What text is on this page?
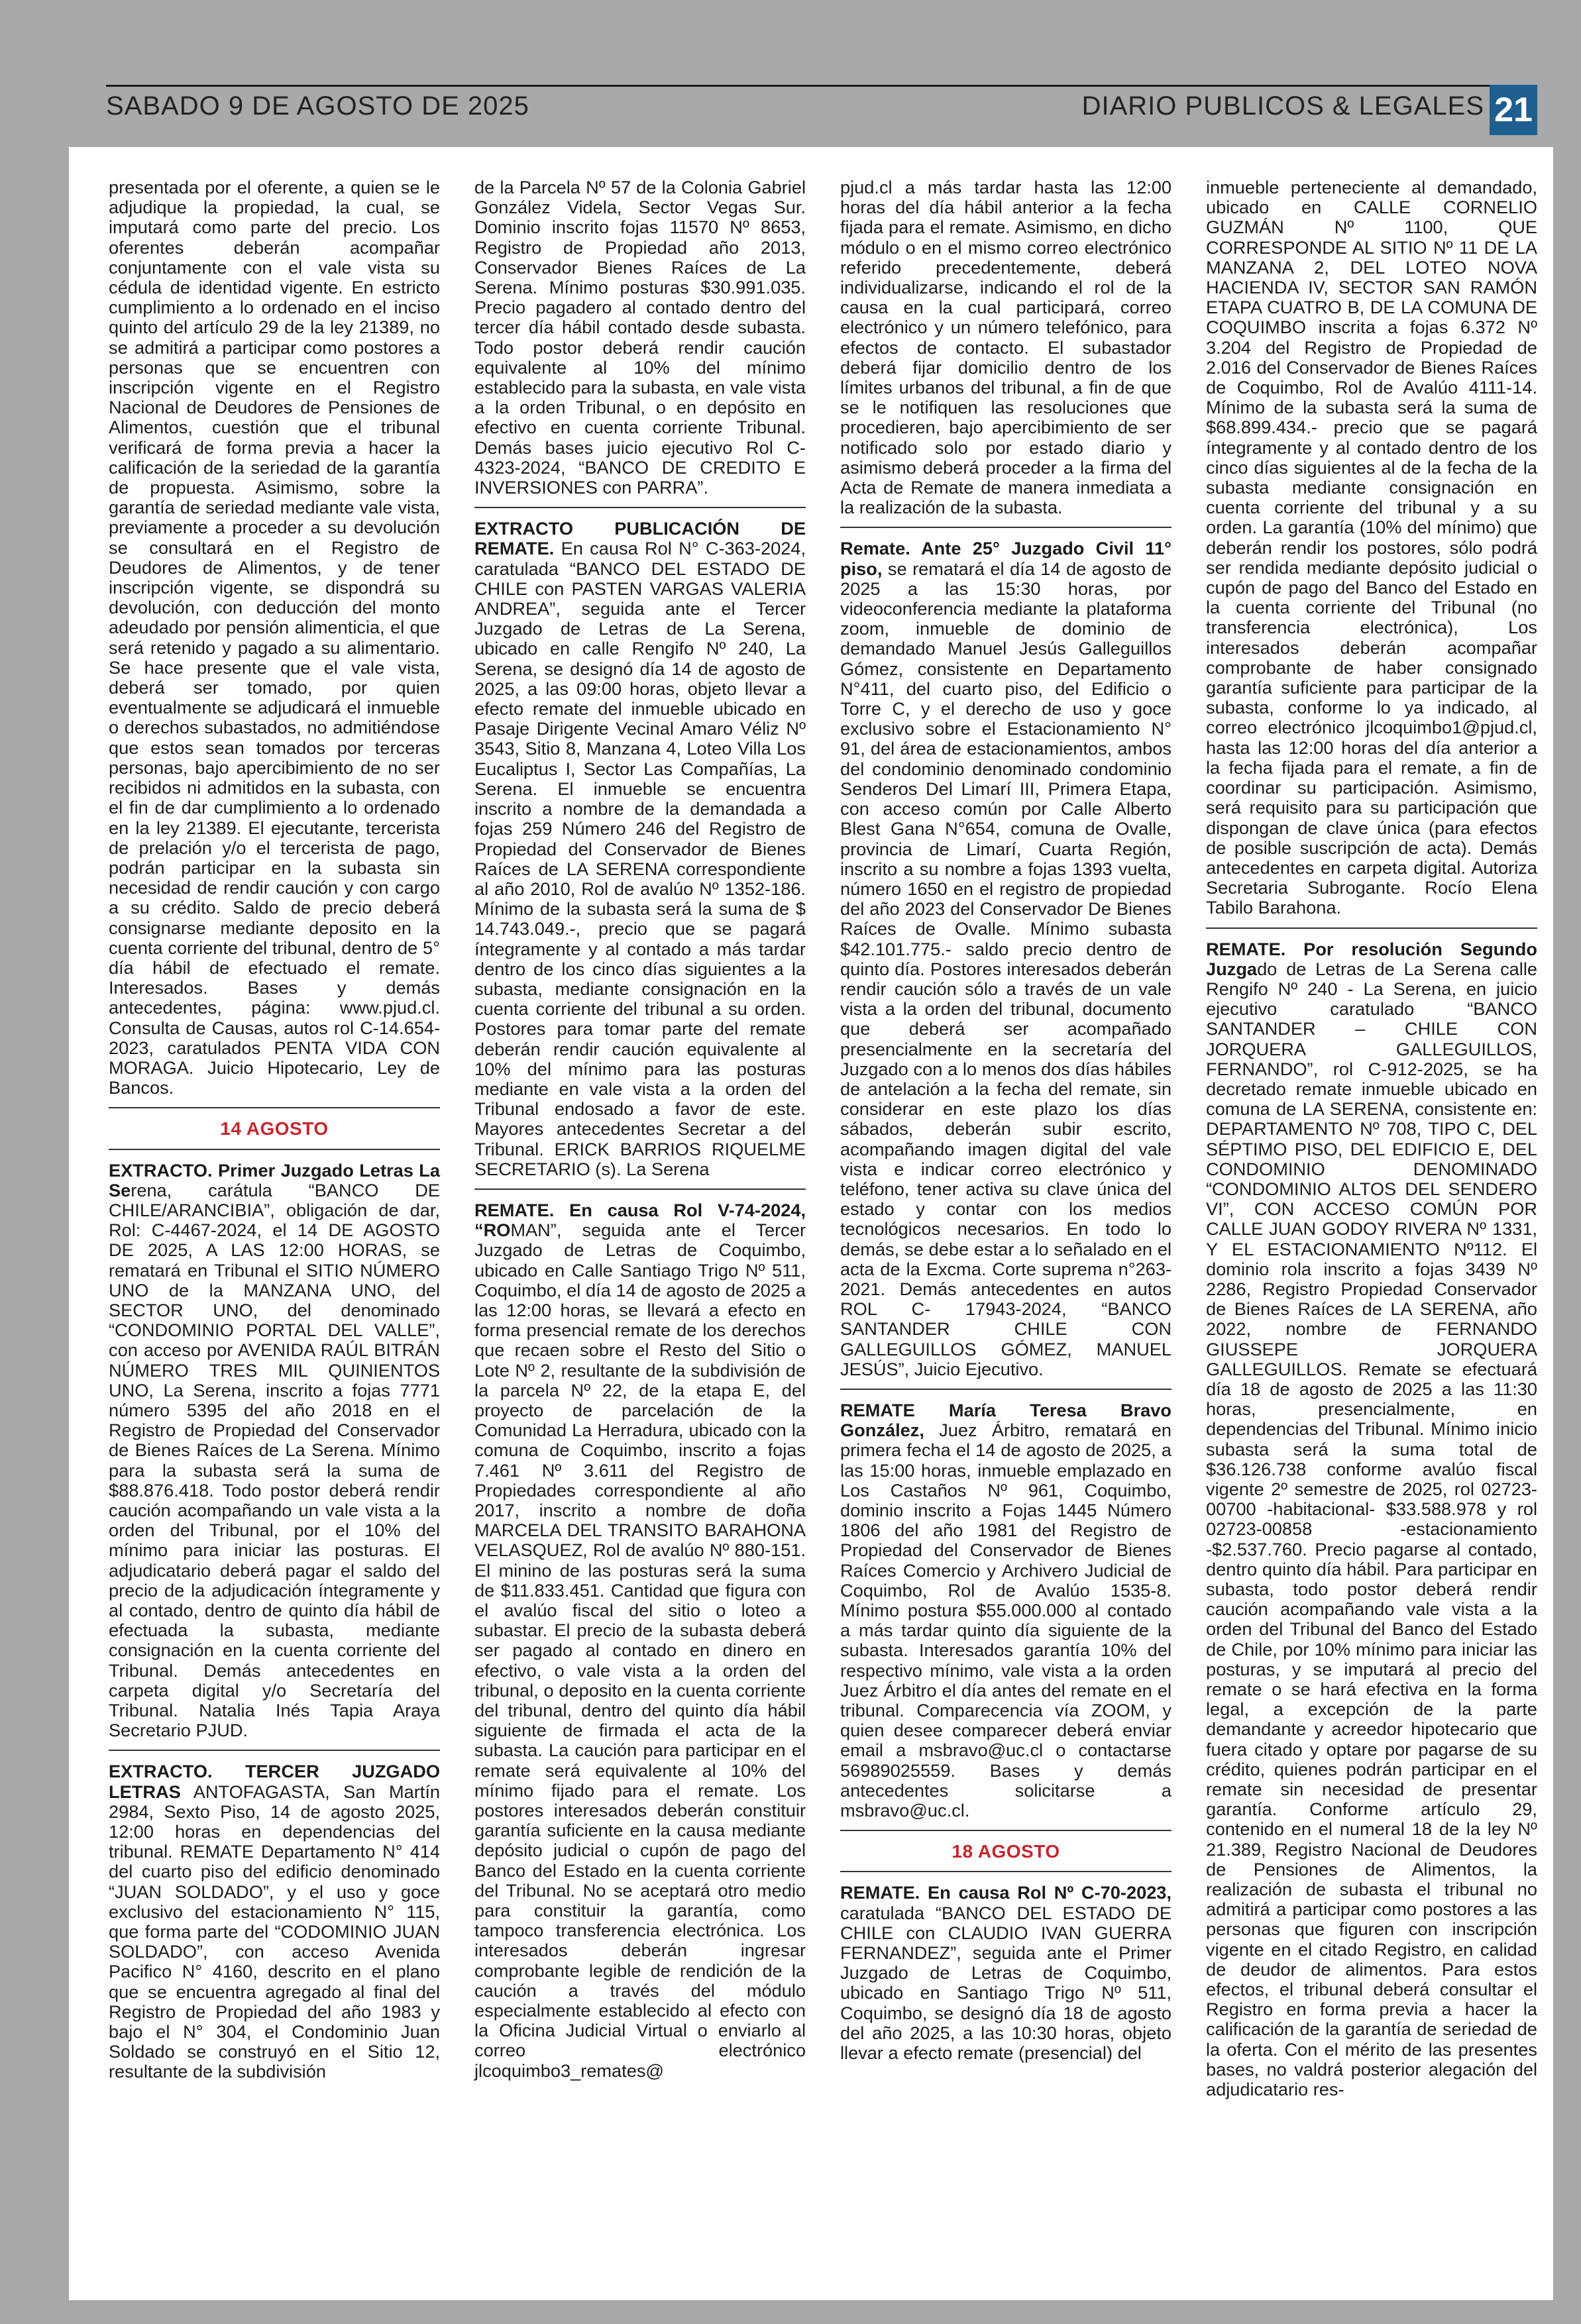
SABADO 9 DE AGOSTO DE 2025	DIARIO PUBLICOS & LEGALES 21

presentada por el oferente, a quien se le adjudique la propiedad, la cual, se imputará como parte del precio. Los oferentes deberán acompañar conjuntamente con el vale vista su cédula de identidad vigente. En estricto cumplimiento a lo ordenado en el inciso quinto del artículo 29 de la ley 21389, no se admitirá a participar como postores a personas que se encuentren con inscripción vigente en el Registro Nacional de Deudores de Pensiones de Alimentos, cuestión que el tribunal verificará de forma previa a hacer la calificación de la seriedad de la garantía de propuesta. Asimismo, sobre la garantía de seriedad mediante vale vista, previamente a proceder a su devolución se consultará en el Registro de Deudores de Alimentos, y de tener inscripción vigente, se dispondrá su devolución, con deducción del monto adeudado por pensión alimenticia, el que será retenido y pagado a su alimentario. Se hace presente que el vale vista, deberá ser tomado, por quien eventualmente se adjudicará el inmueble o derechos subastados, no admitiéndose que estos sean tomados por terceras personas, bajo apercibimiento de no ser recibidos ni admitidos en la subasta, con el fin de dar cumplimiento a lo ordenado en la ley 21389. El ejecutante, tercerista de prelación y/o el tercerista de pago, podrán participar en la subasta sin necesidad de rendir caución y con cargo a su crédito. Saldo de precio deberá consignarse mediante deposito en la cuenta corriente del tribunal, dentro de 5° día hábil de efectuado el remate. Interesados. Bases y demás antecedentes, página: www.pjud.cl. Consulta de Causas, autos rol C-14.654-2023, caratulados PENTA VIDA CON MORAGA. Juicio Hipotecario, Ley de Bancos.

14 AGOSTO

EXTRACTO. Primer Juzgado Letras La Serena, carátula “BANCO DE CHILE/ARANCIBIA”, obligación de dar, Rol: C-4467-2024, el 14 DE AGOSTO DE 2025, A LAS 12:00 HORAS, se rematará en Tribunal el SITIO NÚMERO UNO de la MANZANA UNO, del SECTOR UNO, del denominado “CONDOMINIO PORTAL DEL VALLE”, con acceso por AVENIDA RAÚL BITRÁN NÚMERO TRES MIL QUINIENTOS UNO, La Serena, inscrito a fojas 7771 número 5395 del año 2018 en el Registro de Propiedad del Conservador de Bienes Raíces de La Serena. Mínimo para la subasta será la suma de $88.876.418. Todo postor deberá rendir caución acompañando un vale vista a la orden del Tribunal, por el 10% del mínimo para iniciar las posturas. El adjudicatario deberá pagar el saldo del precio de la adjudicación íntegramente y al contado, dentro de quinto día hábil de efectuada la subasta, mediante consignación en la cuenta corriente del Tribunal. Demás antecedentes en carpeta digital y/o Secretaría del Tribunal. Natalia Inés Tapia Araya Secretario PJUD.

EXTRACTO. TERCER JUZGADO LETRAS ANTOFAGASTA, San Martín 2984, Sexto Piso, 14 de agosto 2025, 12:00 horas en dependencias del tribunal. REMATE Departamento N° 414 del cuarto piso del edificio denominado “JUAN SOLDADO”, y el uso y goce exclusivo del estacionamiento N° 115, que forma parte del “CODOMINIO JUAN SOLDADO”, con acceso Avenida Pacifico N° 4160, descrito en el plano que se encuentra agregado al final del Registro de Propiedad del año 1983 y bajo el N° 304, el Condominio Juan Soldado se construyó en el Sitio 12, resultante de la subdivisión

de la Parcela Nº 57 de la Colonia Gabriel González Videla, Sector Vegas Sur. Dominio inscrito fojas 11570 Nº 8653, Registro de Propiedad año 2013, Conservador Bienes Raíces de La Serena. Mínimo posturas $30.991.035. Precio pagadero al contado dentro del tercer día hábil contado desde subasta. Todo postor deberá rendir caución equivalente al 10% del mínimo establecido para la subasta, en vale vista a la orden Tribunal, o en depósito en efectivo en cuenta corriente Tribunal. Demás bases juicio ejecutivo Rol C-4323-2024, “BANCO DE CREDITO E INVERSIONES con PARRA”.

EXTRACTO PUBLICACIÓN DE REMATE. En causa Rol N° C-363-2024, caratulada “BANCO DEL ESTADO DE CHILE con PASTEN VARGAS VALERIA ANDREA”, seguida ante el Tercer Juzgado de Letras de La Serena, ubicado en calle Rengifo Nº 240, La Serena, se designó día 14 de agosto de 2025, a las 09:00 horas, objeto llevar a efecto remate del inmueble ubicado en Pasaje Dirigente Vecinal Amaro Véliz Nº 3543, Sitio 8, Manzana 4, Loteo Villa Los Eucaliptus I, Sector Las Compañías, La Serena. El inmueble se encuentra inscrito a nombre de la demandada a fojas 259 Número 246 del Registro de Propiedad del Conservador de Bienes Raíces de LA SERENA correspondiente al año 2010, Rol de avalúo Nº 1352-186. Mínimo de la subasta será la suma de $ 14.743.049.-, precio que se pagará íntegramente y al contado a más tardar dentro de los cinco días siguientes a la subasta, mediante consignación en la cuenta corriente del tribunal a su orden. Postores para tomar parte del remate deberán rendir caución equivalente al 10% del mínimo para las posturas mediante en vale vista a la orden del Tribunal endosado a favor de este. Mayores antecedentes Secretar a del Tribunal. ERICK BARRIOS RIQUELME SECRETARIO (s). La Serena

REMATE. En causa Rol V-74-2024, “ROMAN”, seguida ante el Tercer Juzgado de Letras de Coquimbo, ubicado en Calle Santiago Trigo Nº 511, Coquimbo, el día 14 de agosto de 2025 a las 12:00 horas, se llevará a efecto en forma presencial remate de los derechos que recaen sobre el Resto del Sitio o Lote Nº 2, resultante de la subdivisión de la parcela Nº 22, de la etapa E, del proyecto de parcelación de la Comunidad La Herradura, ubicado con la comuna de Coquimbo, inscrito a fojas 7.461 Nº 3.611 del Registro de Propiedades correspondiente al año 2017, inscrito a nombre de doña MARCELA DEL TRANSITO BARAHONA VELASQUEZ, Rol de avalúo Nº 880-151. El minino de las posturas será la suma de $11.833.451. Cantidad que figura con el avalúo fiscal del sitio o loteo a subastar. El precio de la subasta deberá ser pagado al contado en dinero en efectivo, o vale vista a la orden del tribunal, o deposito en la cuenta corriente del tribunal, dentro del quinto día hábil siguiente de firmada el acta de la subasta. La caución para participar en el remate será equivalente al 10% del mínimo fijado para el remate. Los postores interesados deberán constituir garantía suficiente en la causa mediante depósito judicial o cupón de pago del Banco del Estado en la cuenta corriente del Tribunal. No se aceptará otro medio para constituir la garantía, como tampoco transferencia electrónica. Los interesados deberán ingresar comprobante legible de rendición de la caución a través del módulo especialmente establecido al efecto con la Oficina Judicial Virtual o enviarlo al correo electrónico jlcoquimbo3_remates@

pjud.cl a más tardar hasta las 12:00 horas del día hábil anterior a la fecha fijada para el remate. Asimismo, en dicho módulo o en el mismo correo electrónico referido precedentemente, deberá individualizarse, indicando el rol de la causa en la cual participará, correo electrónico y un número telefónico, para efectos de contacto. El subastador deberá fijar domicilio dentro de los límites urbanos del tribunal, a fin de que se le notifiquen las resoluciones que procedieren, bajo apercibimiento de ser notificado solo por estado diario y asimismo deberá proceder a la firma del Acta de Remate de manera inmediata a la realización de la subasta.

Remate. Ante 25° Juzgado Civil 11° piso, se rematará el día 14 de agosto de 2025 a las 15:30 horas, por videoconferencia mediante la plataforma zoom, inmueble de dominio de demandado Manuel Jesús Galleguillos Gómez, consistente en Departamento N°411, del cuarto piso, del Edificio o Torre C, y el derecho de uso y goce exclusivo sobre el Estacionamiento N° 91, del área de estacionamientos, ambos del condominio denominado condominio Senderos Del Limarí III, Primera Etapa, con acceso común por Calle Alberto Blest Gana N°654, comuna de Ovalle, provincia de Limarí, Cuarta Región, inscrito a su nombre a fojas 1393 vuelta, número 1650 en el registro de propiedad del año 2023 del Conservador De Bienes Raíces de Ovalle. Mínimo subasta $42.101.775.- saldo precio dentro de quinto día. Postores interesados deberán rendir caución sólo a través de un vale vista a la orden del tribunal, documento que deberá ser acompañado presencialmente en la secretaría del Juzgado con a lo menos dos días hábiles de antelación a la fecha del remate, sin considerar en este plazo los días sábados, deberán subir escrito, acompañando imagen digital del vale vista e indicar correo electrónico y teléfono, tener activa su clave única del estado y contar con los medios tecnológicos necesarios. En todo lo demás, se debe estar a lo señalado en el acta de la Excma. Corte suprema n°263- 2021. Demás antecedentes en autos ROL C- 17943-2024, “BANCO SANTANDER CHILE CON GALLEGUILLOS GÓMEZ, MANUEL JESÚS”, Juicio Ejecutivo.

REMATE María Teresa Bravo González, Juez Árbitro, rematará en primera fecha el 14 de agosto de 2025, a las 15:00 horas, inmueble emplazado en Los Castaños Nº 961, Coquimbo, dominio inscrito a Fojas 1445 Número 1806 del año 1981 del Registro de Propiedad del Conservador de Bienes Raíces Comercio y Archivero Judicial de Coquimbo, Rol de Avalúo 1535-8. Mínimo postura $55.000.000 al contado a más tardar quinto día siguiente de la subasta. Interesados garantía 10% del respectivo mínimo, vale vista a la orden Juez Árbitro el día antes del remate en el tribunal. Comparecencia vía ZOOM, y quien desee comparecer deberá enviar email a msbravo@uc.cl o contactarse 56989025559. Bases y demás antecedentes solicitarse a msbravo@uc.cl.

18 AGOSTO

REMATE. En causa Rol Nº C-70-2023, caratulada “BANCO DEL ESTADO DE CHILE con CLAUDIO IVAN GUERRA FERNANDEZ”, seguida ante el Primer Juzgado de Letras de Coquimbo, ubicado en Santiago Trigo Nº 511, Coquimbo, se designó día 18 de agosto del año 2025, a las 10:30 horas, objeto llevar a efecto remate (presencial) del

inmueble perteneciente al demandado, ubicado en CALLE CORNELIO GUZMÁN Nº 1100, QUE CORRESPONDE AL SITIO Nº 11 DE LA MANZANA 2, DEL LOTEO NOVA HACIENDA IV, SECTOR SAN RAMÓN ETAPA CUATRO B, DE LA COMUNA DE COQUIMBO inscrita a fojas 6.372 Nº 3.204 del Registro de Propiedad de 2.016 del Conservador de Bienes Raíces de Coquimbo, Rol de Avalúo 4111-14. Mínimo de la subasta será la suma de $68.899.434.- precio que se pagará íntegramente y al contado dentro de los cinco días siguientes al de la fecha de la subasta mediante consignación en cuenta corriente del tribunal y a su orden. La garantía (10% del mínimo) que deberán rendir los postores, sólo podrá ser rendida mediante depósito judicial o cupón de pago del Banco del Estado en la cuenta corriente del Tribunal (no transferencia electrónica), Los interesados deberán acompañar comprobante de haber consignado garantía suficiente para participar de la subasta, conforme lo ya indicado, al correo electrónico jlcoquimbo1@pjud.cl, hasta las 12:00 horas del día anterior a la fecha fijada para el remate, a fin de coordinar su participación. Asimismo, será requisito para su participación que dispongan de clave única (para efectos de posible suscripción de acta). Demás antecedentes en carpeta digital. Autoriza Secretaria Subrogante. Rocío Elena Tabilo Barahona.

REMATE. Por resolución Segundo Juzgado de Letras de La Serena calle Rengifo Nº 240 - La Serena, en juicio ejecutivo caratulado “BANCO SANTANDER – CHILE CON JORQUERA GALLEGUILLOS, FERNANDO”, rol C-912-2025, se ha decretado remate inmueble ubicado en comuna de LA SERENA, consistente en: DEPARTAMENTO Nº 708, TIPO C, DEL SÉPTIMO PISO, DEL EDIFICIO E, DEL CONDOMINIO DENOMINADO “CONDOMINIO ALTOS DEL SENDERO VI”, CON ACCESO COMÚN POR CALLE JUAN GODOY RIVERA Nº 1331, Y EL ESTACIONAMIENTO Nº112. El dominio rola inscrito a fojas 3439 Nº 2286, Registro Propiedad Conservador de Bienes Raíces de LA SERENA, año 2022, nombre de FERNANDO GIUSSEPE JORQUERA GALLEGUILLOS. Remate se efectuará día 18 de agosto de 2025 a las 11:30 horas, presencialmente, en dependencias del Tribunal. Mínimo inicio subasta será la suma total de $36.126.738 conforme avalúo fiscal vigente 2º semestre de 2025, rol 02723- 00700 -habitacional- $33.588.978 y rol 02723-00858 -estacionamiento -$2.537.760. Precio pagarse al contado, dentro quinto día hábil. Para participar en subasta, todo postor deberá rendir caución acompañando vale vista a la orden del Tribunal del Banco del Estado de Chile, por 10% mínimo para iniciar las posturas, y se imputará al precio del remate o se hará efectiva en la forma legal, a excepción de la parte demandante y acreedor hipotecario que fuera citado y optare por pagarse de su crédito, quienes podrán participar en el remate sin necesidad de presentar garantía. Conforme artículo 29, contenido en el numeral 18 de la ley Nº 21.389, Registro Nacional de Deudores de Pensiones de Alimentos, la realización de subasta el tribunal no admitirá a participar como postores a las personas que figuren con inscripción vigente en el citado Registro, en calidad de deudor de alimentos. Para estos efectos, el tribunal deberá consultar el Registro en forma previa a hacer la calificación de la garantía de seriedad de la oferta. Con el mérito de las presentes bases, no valdrá posterior alegación del adjudicatario res-
